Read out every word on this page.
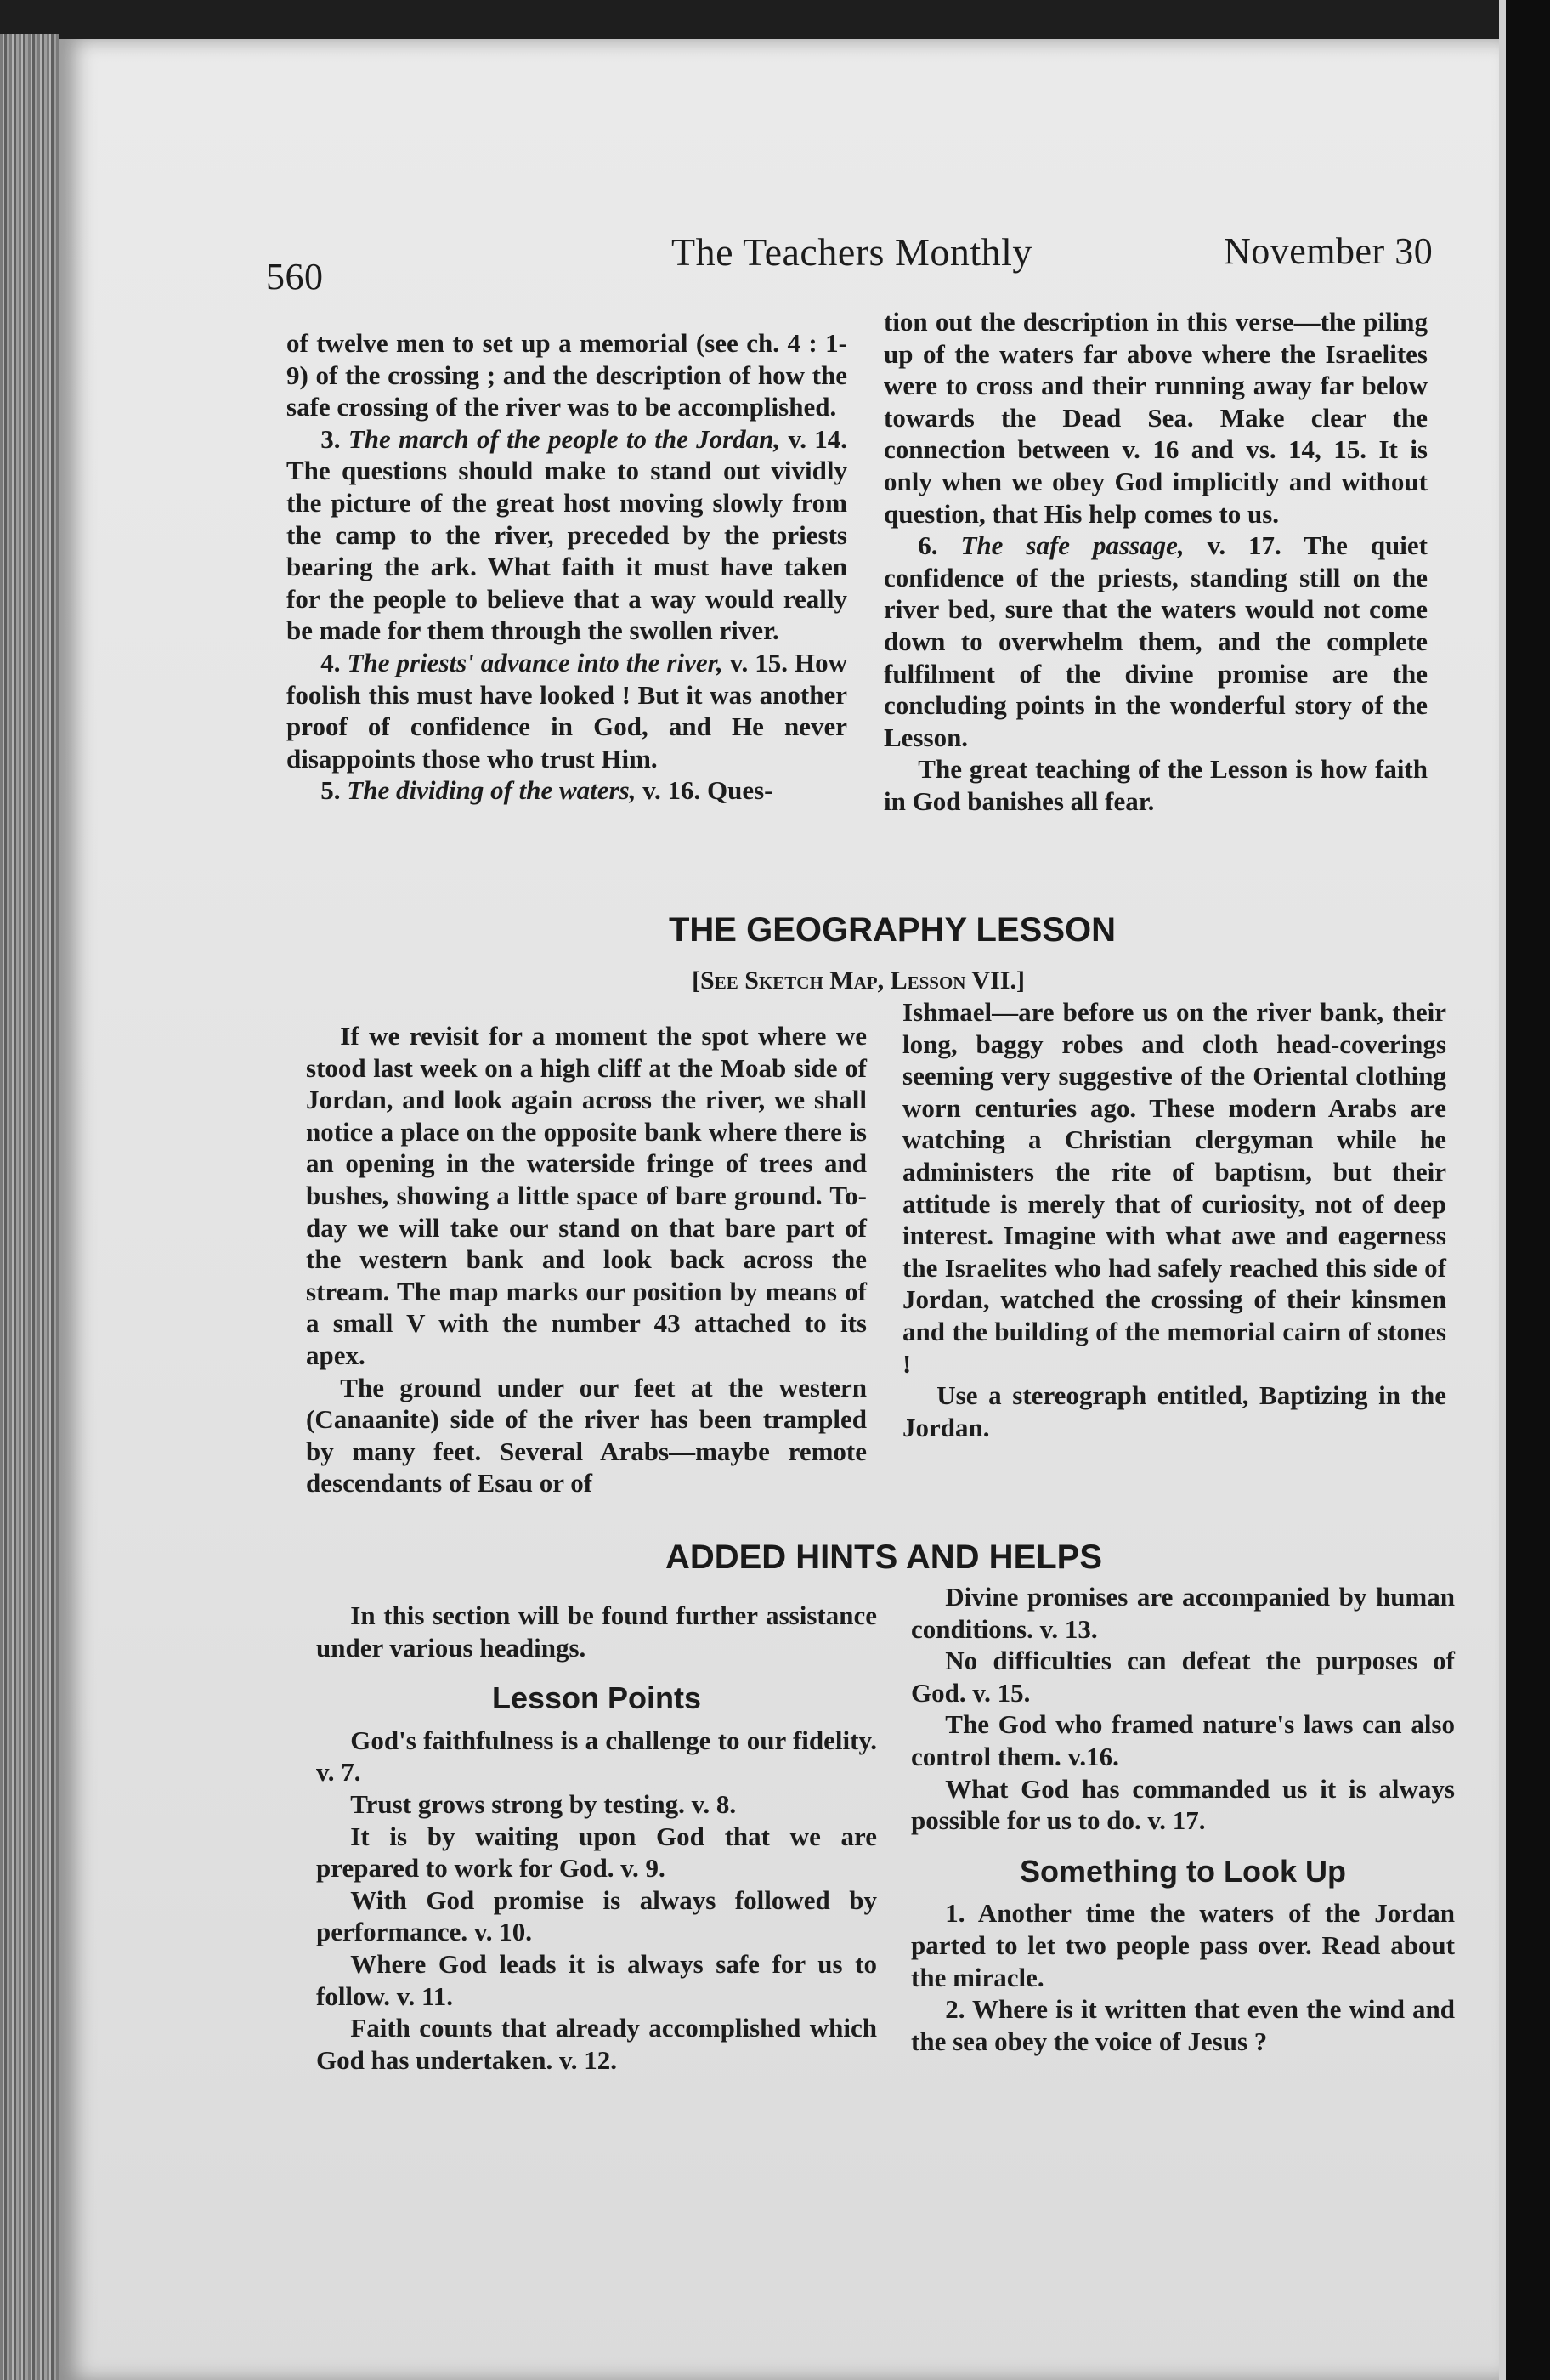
560
The Teachers Monthly	November 30

of twelve men to set up a memorial (see ch. 4 : 1-9) of the crossing ; and the description of how the safe crossing of the river was to be accomplished.

3. The march of the people to the Jordan, v. 14. The questions should make to stand out vividly the picture of the great host moving slowly from the camp to the river, preceded by the priests bearing the ark. What faith it must have taken for the people to believe that a way would really be made for them through the swollen river.

4. The priests' advance into the river, v. 15. How foolish this must have looked ! But it was another proof of confidence in God, and He never disappoints those who trust Him.

5. The dividing of the waters, v. 16. Ques-

tion out the description in this verse—the piling up of the waters far above where the Israelites were to cross and their running away far below towards the Dead Sea. Make clear the connection between v. 16 and vs. 14, 15. It is only when we obey God implicitly and without question, that His help comes to us.

6. The safe passage, v. 17. The quiet confidence of the priests, standing still on the river bed, sure that the waters would not come down to overwhelm them, and the complete fulfilment of the divine promise are the concluding points in the wonderful story of the Lesson.

The great teaching of the Lesson is how faith in God banishes all fear.

THE GEOGRAPHY LESSON
[See Sketch Map, Lesson VII.]

If we revisit for a moment the spot where we stood last week on a high cliff at the Moab side of Jordan, and look again across the river, we shall notice a place on the opposite bank where there is an opening in the waterside fringe of trees and bushes, showing a little space of bare ground. To-day we will take our stand on that bare part of the western bank and look back across the stream. The map marks our position by means of a small V with the number 43 attached to its apex.

The ground under our feet at the western (Canaanite) side of the river has been trampled by many feet. Several Arabs—maybe remote descendants of Esau or of

Ishmael—are before us on the river bank, their long, baggy robes and cloth head-coverings seeming very suggestive of the Oriental clothing worn centuries ago. These modern Arabs are watching a Christian clergyman while he administers the rite of baptism, but their attitude is merely that of curiosity, not of deep interest. Imagine with what awe and eagerness the Israelites who had safely reached this side of Jordan, watched the crossing of their kinsmen and the building of the memorial cairn of stones !

Use a stereograph entitled, Baptizing in the Jordan.

ADDED HINTS AND HELPS

In this section will be found further assistance under various headings.

Lesson Points

God's faithfulness is a challenge to our fidelity. v. 7.

Trust grows strong by testing. v. 8.

It is by waiting upon God that we are prepared to work for God. v. 9.

With God promise is always followed by performance. v. 10.

Where God leads it is always safe for us to follow. v. 11.

Faith counts that already accomplished which God has undertaken. v. 12.

Divine promises are accompanied by human conditions. v. 13.

No difficulties can defeat the purposes of God. v. 15.

The God who framed nature's laws can also control them. v.16.

What God has commanded us it is always possible for us to do. v. 17.

Something to Look Up

1. Another time the waters of the Jordan parted to let two people pass over. Read about the miracle.

2. Where is it written that even the wind and the sea obey the voice of Jesus ?
